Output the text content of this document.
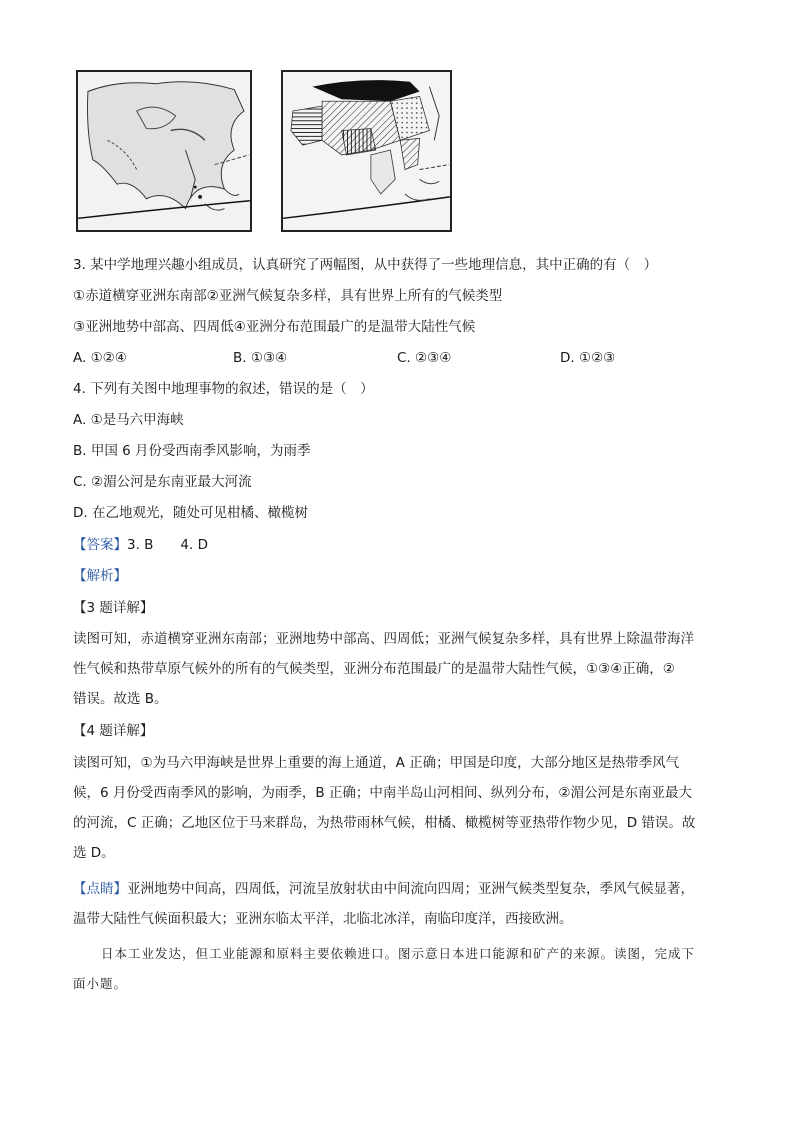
3. 某中学地理兴趣小组成员，认真研究了两幅图，从中获得了一些地理信息，其中正确的有（　）
①赤道横穿亚洲东南部②亚洲气候复杂多样，具有世界上所有的气候类型
③亚洲地势中部高、四周低④亚洲分布范围最广的是温带大陆性气候
A. ①②④	B. ①③④	C. ②③④	D. ①②③
4. 下列有关图中地理事物的叙述，错误的是（　）
A. ①是马六甲海峡
B. 甲国 6 月份受西南季风影响，为雨季
C. ②湄公河是东南亚最大河流
D. 在乙地观光，随处可见柑橘、橄榄树
【答案】3. B　　4. D
【解析】
【3 题详解】
读图可知，赤道横穿亚洲东南部；亚洲地势中部高、四周低；亚洲气候复杂多样，具有世界上除温带海洋
性气候和热带草原气候外的所有的气候类型，亚洲分布范围最广的是温带大陆性气候，①③④正确，②
错误。故选 B。
【4 题详解】
读图可知，①为马六甲海峡是世界上重要的海上通道，A 正确；甲国是印度，大部分地区是热带季风气
候，6 月份受西南季风的影响，为雨季，B 正确；中南半岛山河相间、纵列分布，②湄公河是东南亚最大
的河流，C 正确；乙地区位于马来群岛，为热带雨林气候，柑橘、橄榄树等亚热带作物少见，D 错误。故
选 D。
【点睛】亚洲地势中间高，四周低，河流呈放射状由中间流向四周；亚洲气候类型复杂，季风气候显著，
温带大陆性气候面积最大；亚洲东临太平洋，北临北冰洋，南临印度洋，西接欧洲。
日本工业发达，但工业能源和原料主要依赖进口。图示意日本进口能源和矿产的来源。读图，完成下
面小题。
